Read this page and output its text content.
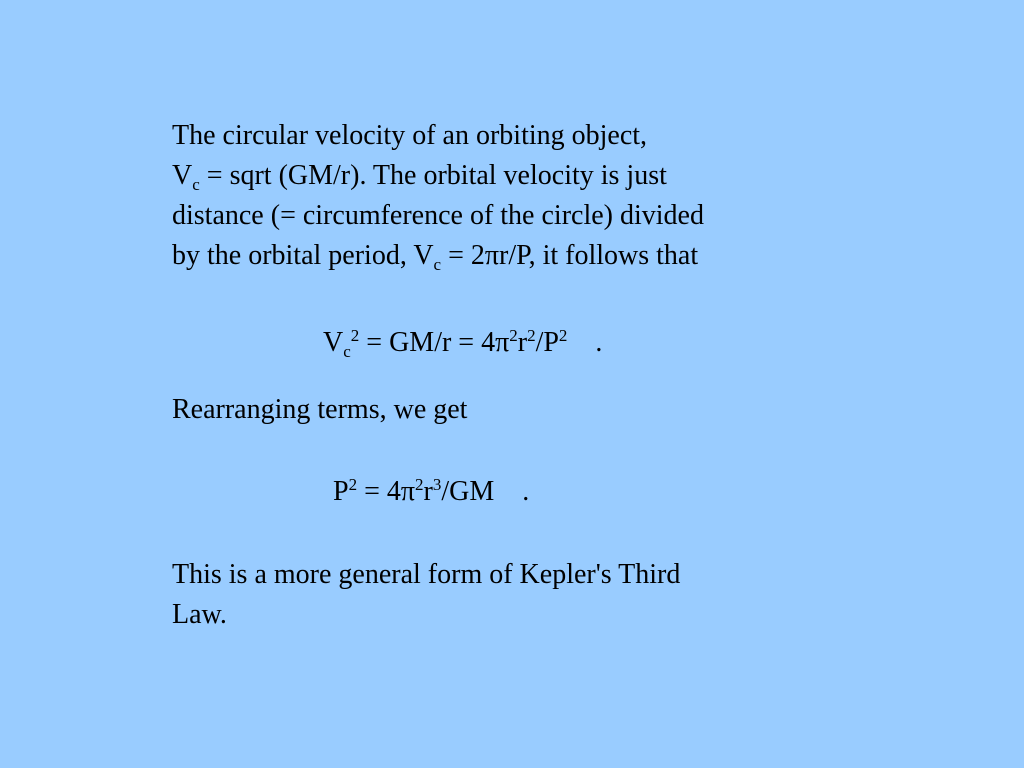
The circular velocity of an orbiting object,
$V_c$ = sqrt (GM/r). The orbital velocity is just
distance (= circumference of the circle) divided
by the orbital period, $V_c = 2\pi r/P$, it follows that
$V_c^2 = GM/r = 4\pi^2r^2/P^2$    .
Rearranging terms, we get
$P^2 = 4\pi^2r^3/GM$    .
This is a more general form of Kepler's Third
Law.
